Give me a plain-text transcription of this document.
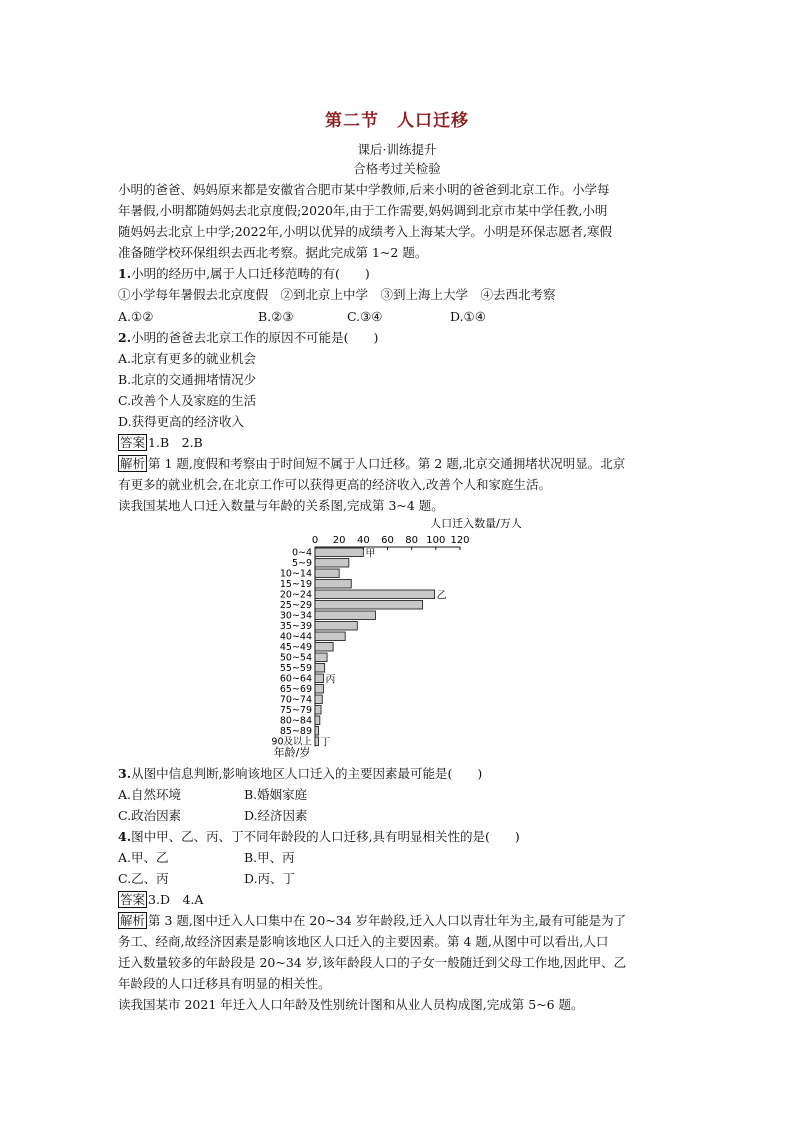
第二节　人口迁移
课后·训练提升
合格考过关检验
小明的爸爸、妈妈原来都是安徽省合肥市某中学教师,后来小明的爸爸到北京工作。小学每
年暑假,小明都随妈妈去北京度假;2020年,由于工作需要,妈妈调到北京市某中学任教,小明
随妈妈去北京上中学;2022年,小明以优异的成绩考入上海某大学。小明是环保志愿者,寒假
准备随学校环保组织去西北考察。据此完成第 1~2 题。
1.小明的经历中,属于人口迁移范畴的有(　　)
①小学每年暑假去北京度假　②到北京上中学　③到上海上大学　④去西北考察
A.①②	B.②③	C.③④	D.①④
2.小明的爸爸去北京工作的原因不可能是(　　)
A.北京有更多的就业机会
B.北京的交通拥堵情况少
C.改善个人及家庭的生活
D.获得更高的经济收入
答案 1.B　2.B
解析 第 1 题,度假和考察由于时间短不属于人口迁移。第 2 题,北京交通拥堵状况明显。北京
有更多的就业机会,在北京工作可以获得更高的经济收入,改善个人和家庭生活。
读我国某地人口迁入数量与年龄的关系图,完成第 3~4 题。
人口迁入数量/万人
0 20 40 60 80 100 120
0~4
5~9
10~14
15~19
20~24
25~29
30~34
35~39
40~44
45~49
50~54
55~59
60~64
65~69
70~74
75~79
80~84
85~89
90及以上
甲
乙
丙
丁
年龄/岁
3.从图中信息判断,影响该地区人口迁入的主要因素最可能是(　　)
A.自然环境	B.婚姻家庭
C.政治因素	D.经济因素
4.图中甲、乙、丙、丁不同年龄段的人口迁移,具有明显相关性的是(　　)
A.甲、乙	B.甲、丙
C.乙、丙	D.丙、丁
答案 3.D　4.A
解析 第 3 题,图中迁入人口集中在 20~34 岁年龄段,迁入人口以青壮年为主,最有可能是为了
务工、经商,故经济因素是影响该地区人口迁入的主要因素。第 4 题,从图中可以看出,人口
迁入数量较多的年龄段是 20~34 岁,该年龄段人口的子女一般随迁到父母工作地,因此甲、乙
年龄段的人口迁移具有明显的相关性。
读我国某市 2021 年迁入人口年龄及性别统计图和从业人员构成图,完成第 5~6 题。
